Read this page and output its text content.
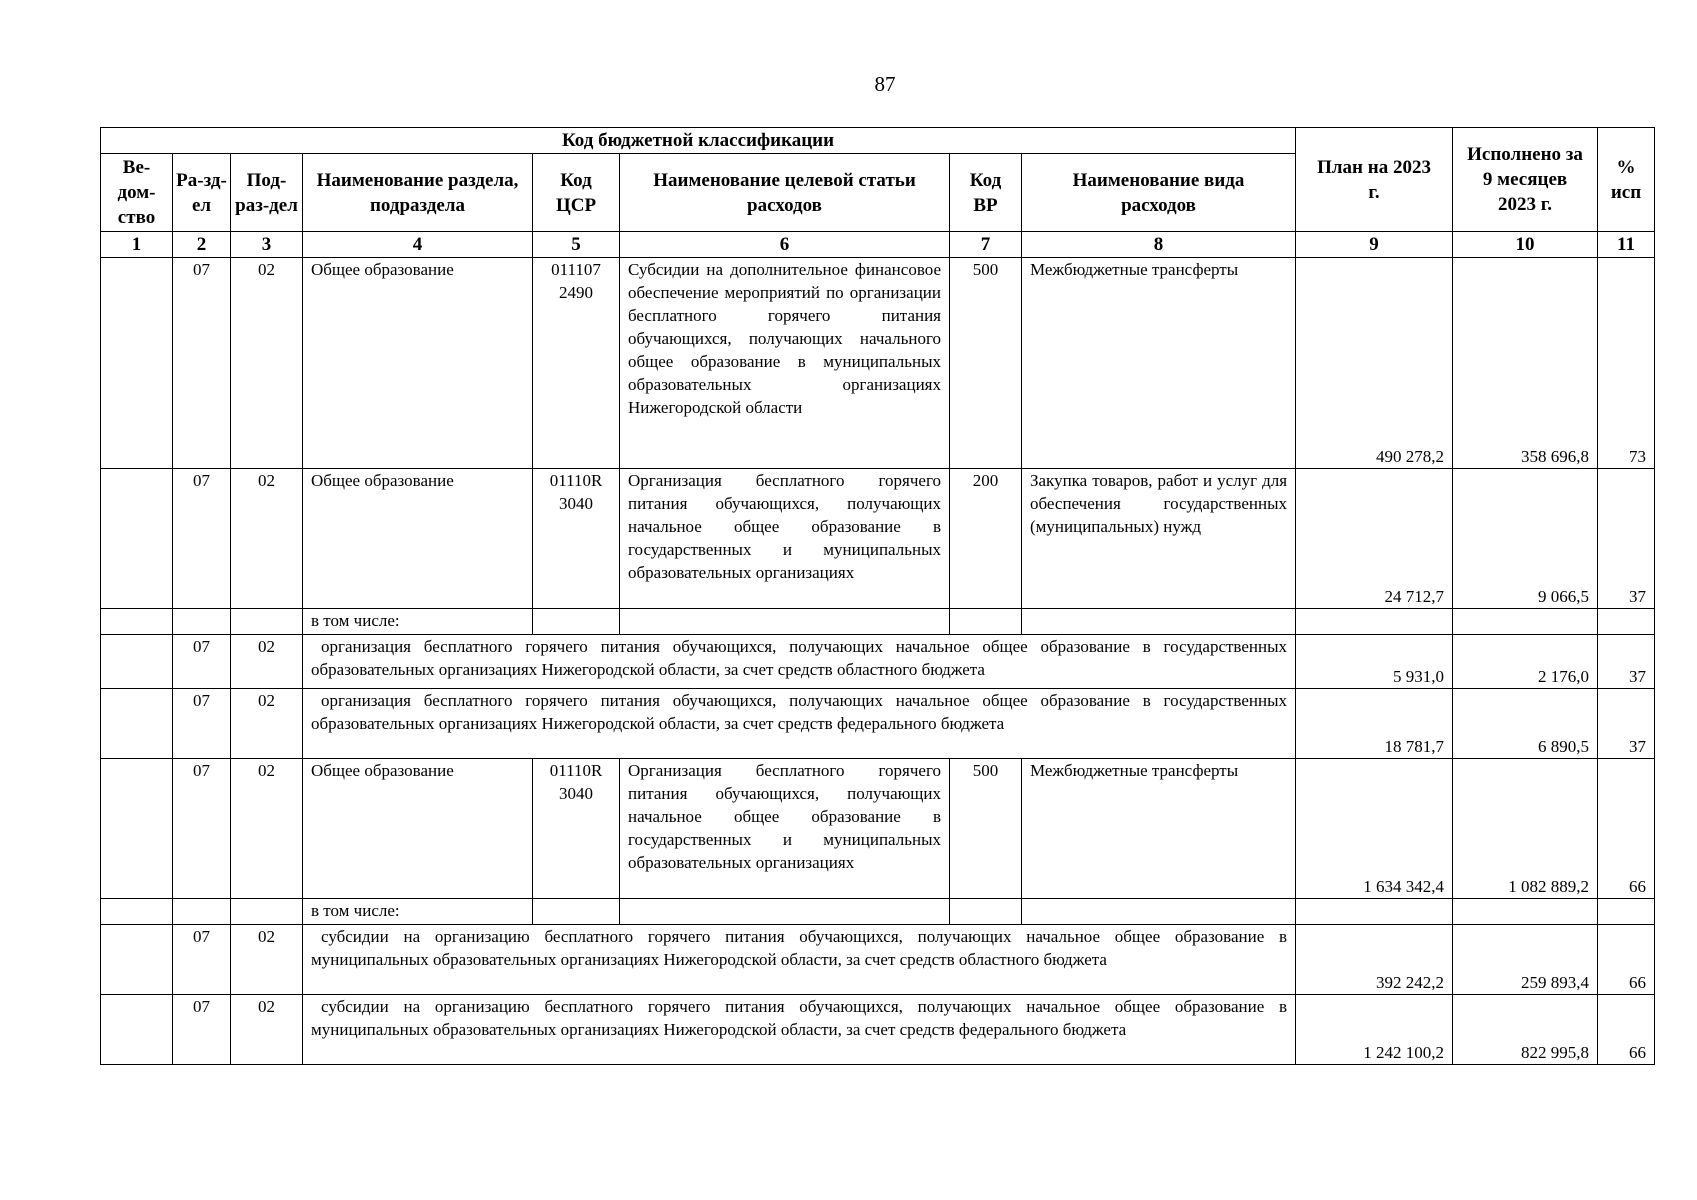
87
Код бюджетной классификации								План на 2023 г.	Исполнено за 9 месяцев 2023 г.	% исп
Ве-дом-ство	Ра-зд-ел	Под-раз-дел	Наименование раздела, подраздела	Код ЦСР	Наименование целевой статьи расходов	Код ВР	Наименование вида расходов			
1	2	3	4	5	6	7	8	9	10	11
	07	02	Общее образование	011107 2490	Субсидии на дополнительное финансовое обеспечение мероприятий по организации бесплатного горячего питания обучающихся, получающих начального общее образование в муниципальных образовательных организациях Нижегородской области	500	Межбюджетные трансферты	490 278,2	358 696,8	73
	07	02	Общее образование	01110R 3040	Организация бесплатного горячего питания обучающихся, получающих начальное общее образование в государственных и муниципальных образовательных организациях	200	Закупка товаров, работ и услуг для обеспечения государственных (муниципальных) нужд	24 712,7	9 066,5	37
			в том числе:							
	07	02	организация бесплатного горячего питания обучающихся, получающих начальное общее образование в государственных образовательных организациях Нижегородской области, за счет средств областного бюджета					5 931,0	2 176,0	37
	07	02	организация бесплатного горячего питания обучающихся, получающих начальное общее образование в государственных образовательных организациях Нижегородской области, за счет средств федерального бюджета					18 781,7	6 890,5	37
	07	02	Общее образование	01110R 3040	Организация бесплатного горячего питания обучающихся, получающих начальное общее образование в государственных и муниципальных образовательных организациях	500	Межбюджетные трансферты	1 634 342,4	1 082 889,2	66
			в том числе:							
	07	02	субсидии на организацию бесплатного горячего питания обучающихся, получающих начальное общее образование в муниципальных образовательных организациях Нижегородской области, за счет средств областного бюджета					392 242,2	259 893,4	66
	07	02	субсидии на организацию бесплатного горячего питания обучающихся, получающих начальное общее образование в муниципальных образовательных организациях Нижегородской области, за счет средств федерального бюджета					1 242 100,2	822 995,8	66
